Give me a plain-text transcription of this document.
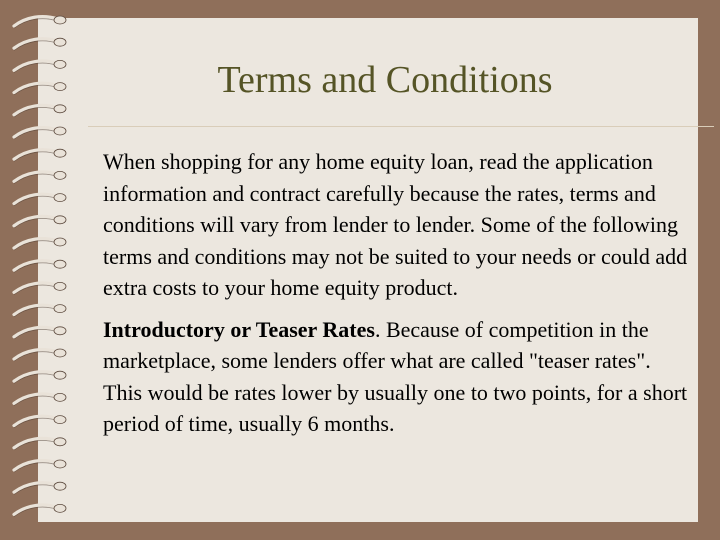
Terms and Conditions

When shopping for any home equity loan, read the application information and contract carefully because the rates, terms and conditions will vary from lender to lender. Some of the following terms and conditions may not be suited to your needs or could add extra costs to your home equity product.

Introductory or Teaser Rates. Because of competition in the marketplace, some lenders offer what are called "teaser rates". This would be rates lower by usually one to two points, for a short period of time, usually 6 months.
